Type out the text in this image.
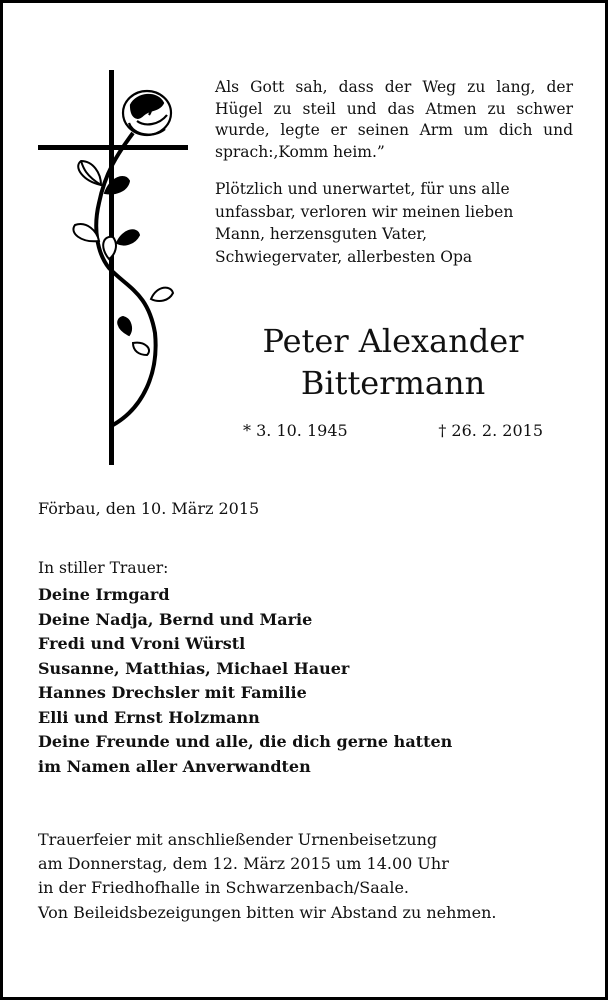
Als Gott sah, dass der Weg zu lang, der Hügel zu steil und das Atmen zu schwer wurde, legte er seinen Arm um dich und sprach:‚Komm heim.”
Plötzlich und unerwartet, für uns alle
unfassbar, verloren wir meinen lieben
Mann, herzensguten Vater,
Schwiegervater, allerbesten Opa
Peter Alexander
Bittermann
* 3. 10. 1945	† 26. 2. 2015
Förbau, den 10. März 2015
In stiller Trauer:
Deine Irmgard
Deine Nadja, Bernd und Marie
Fredi und Vroni Würstl
Susanne, Matthias, Michael Hauer
Hannes Drechsler mit Familie
Elli und Ernst Holzmann
Deine Freunde und alle, die dich gerne hatten
im Namen aller Anverwandten
Trauerfeier mit anschließender Urnenbeisetzung
am Donnerstag, dem 12. März 2015 um 14.00 Uhr
in der Friedhofhalle in Schwarzenbach/Saale.
Von Beileidsbezeigungen bitten wir Abstand zu nehmen.
